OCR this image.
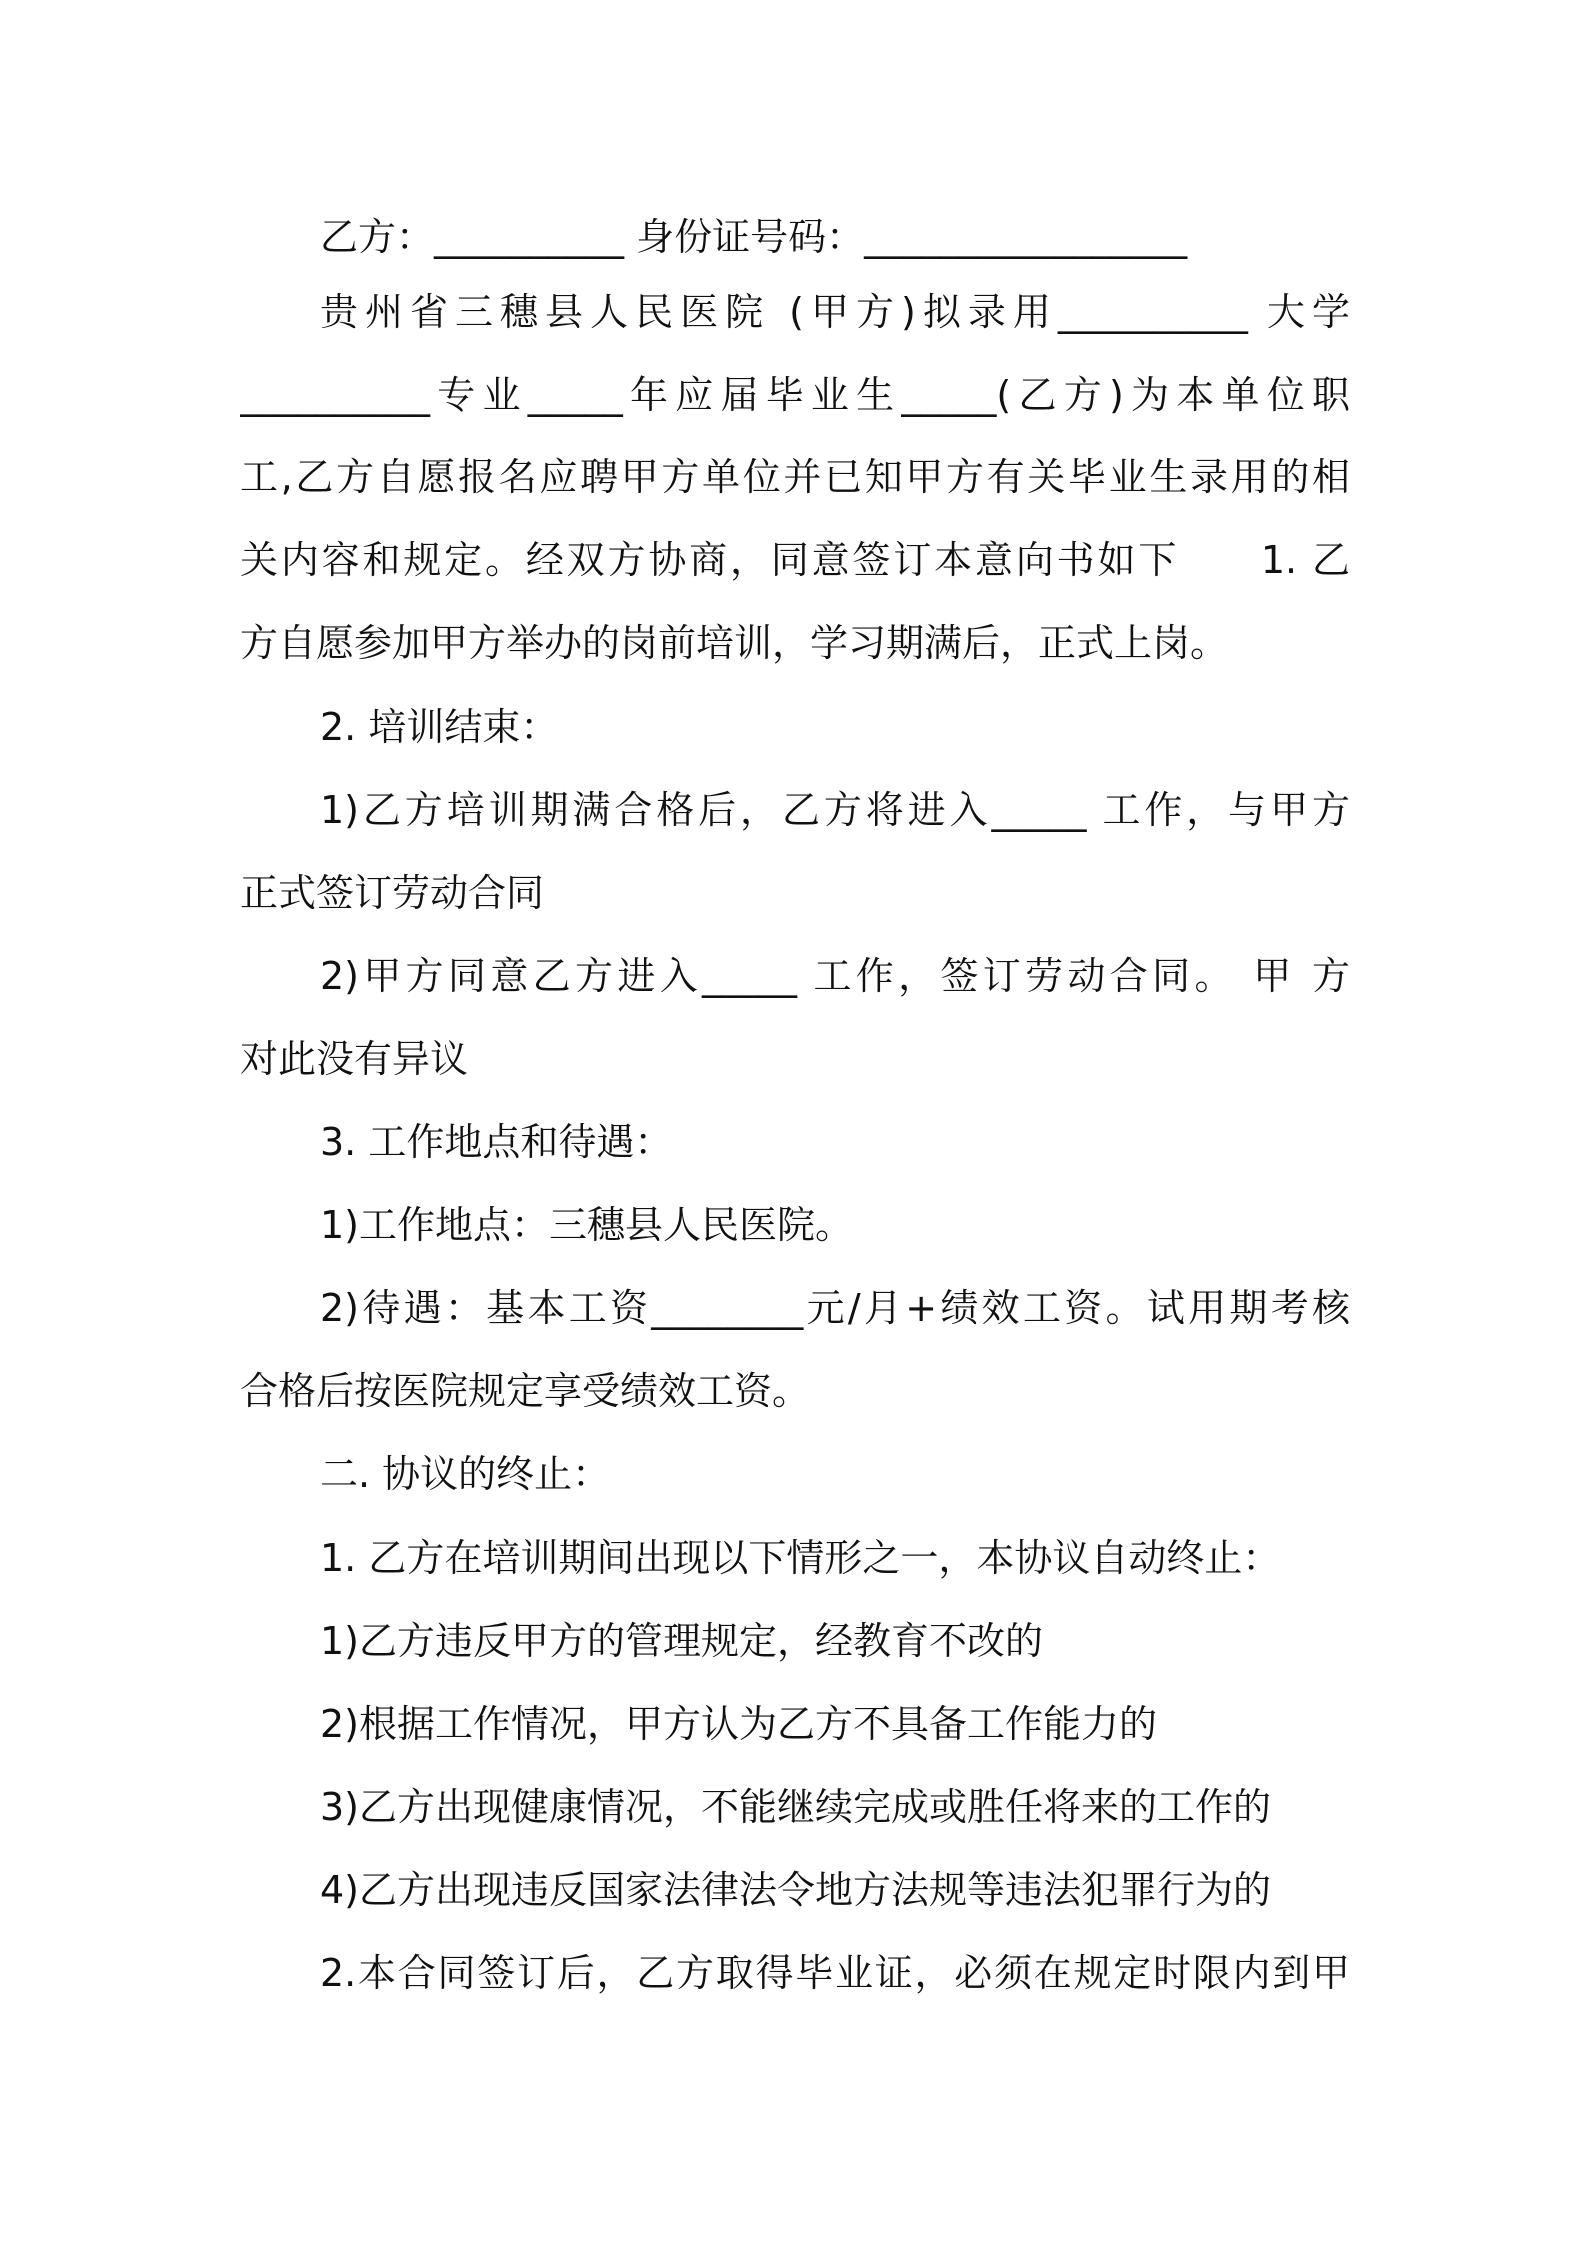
乙方：__________ 身份证号码：_________________
贵州省三穗县人民医院 (甲方)拟录用__________ 大学
__________专业_____年应届毕业生_____(乙方)为本单位职
工,乙方自愿报名应聘甲方单位并已知甲方有关毕业生录用的相
关内容和规定。经双方协商，同意签订本意向书如下　　1. 乙
方自愿参加甲方举办的岗前培训，学习期满后，正式上岗。
2. 培训结束：
1)乙方培训期满合格后，乙方将进入_____ 工作，与甲方
正式签订劳动合同
2)甲方同意乙方进入_____ 工作，签订劳动合同。 甲 方
对此没有异议
3. 工作地点和待遇：
1)工作地点：三穗县人民医院。
2)待遇：基本工资________元/月+绩效工资。试用期考核
合格后按医院规定享受绩效工资。
二. 协议的终止：
1. 乙方在培训期间出现以下情形之一，本协议自动终止：
1)乙方违反甲方的管理规定，经教育不改的
2)根据工作情况，甲方认为乙方不具备工作能力的
3)乙方出现健康情况，不能继续完成或胜任将来的工作的
4)乙方出现违反国家法律法令地方法规等违法犯罪行为的
2.本合同签订后，乙方取得毕业证，必须在规定时限内到甲
